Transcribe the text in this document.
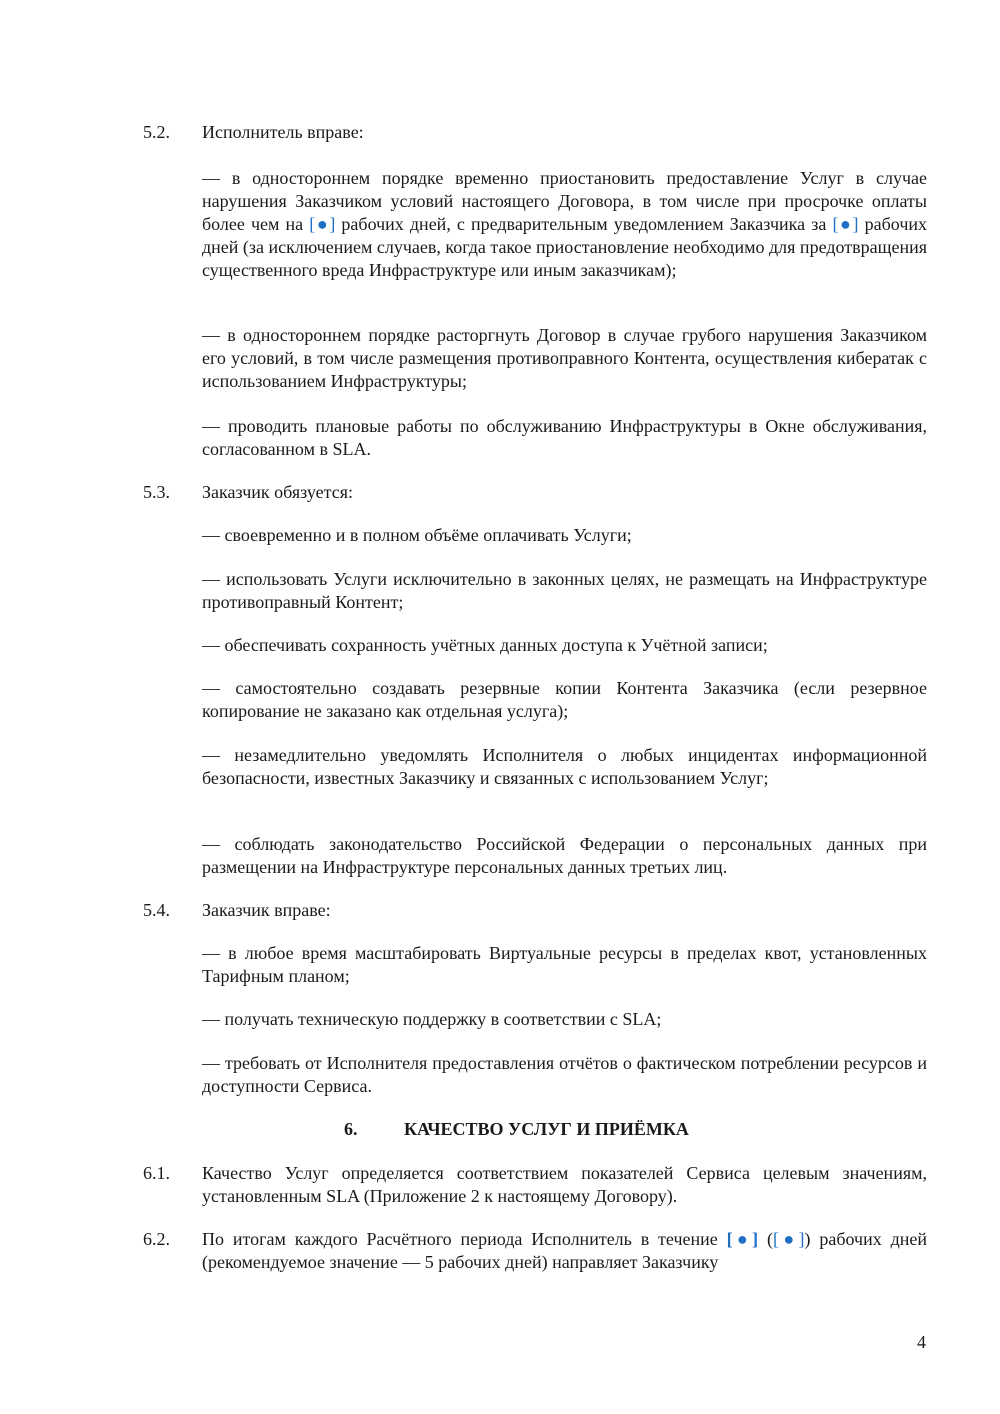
5.2. Исполнитель вправе:
— в одностороннем порядке временно приостановить предоставление Услуг в случае нарушения Заказчиком условий настоящего Договора, в том числе при просрочке оплаты более чем на [●] рабочих дней, с предварительным уведомлением Заказчика за [●] рабочих дней (за исключением случаев, когда такое приостановление необходимо для предотвращения существенного вреда Инфраструктуре или иным заказчикам);
— в одностороннем порядке расторгнуть Договор в случае грубого нарушения Заказчиком его условий, в том числе размещения противоправного Контента, осуществления кибератак с использованием Инфраструктуры;
— проводить плановые работы по обслуживанию Инфраструктуры в Окне обслуживания, согласованном в SLA.
5.3. Заказчик обязуется:
— своевременно и в полном объёме оплачивать Услуги;
— использовать Услуги исключительно в законных целях, не размещать на Инфраструктуре противоправный Контент;
— обеспечивать сохранность учётных данных доступа к Учётной записи;
— самостоятельно создавать резервные копии Контента Заказчика (если резервное копирование не заказано как отдельная услуга);
— незамедлительно уведомлять Исполнителя о любых инцидентах информационной безопасности, известных Заказчику и связанных с использованием Услуг;
— соблюдать законодательство Российской Федерации о персональных данных при размещении на Инфраструктуре персональных данных третьих лиц.
5.4. Заказчик вправе:
— в любое время масштабировать Виртуальные ресурсы в пределах квот, установленных Тарифным планом;
— получать техническую поддержку в соответствии с SLA;
— требовать от Исполнителя предоставления отчётов о фактическом потреблении ресурсов и доступности Сервиса.
6.	КАЧЕСТВО УСЛУГ И ПРИЁМКА
6.1. Качество Услуг определяется соответствием показателей Сервиса целевым значениям, установленным SLA (Приложение 2 к настоящему Договору).
6.2. По итогам каждого Расчётного периода Исполнитель в течение [●] ([●]) рабочих дней (рекомендуемое значение — 5 рабочих дней) направляет Заказчику
4
